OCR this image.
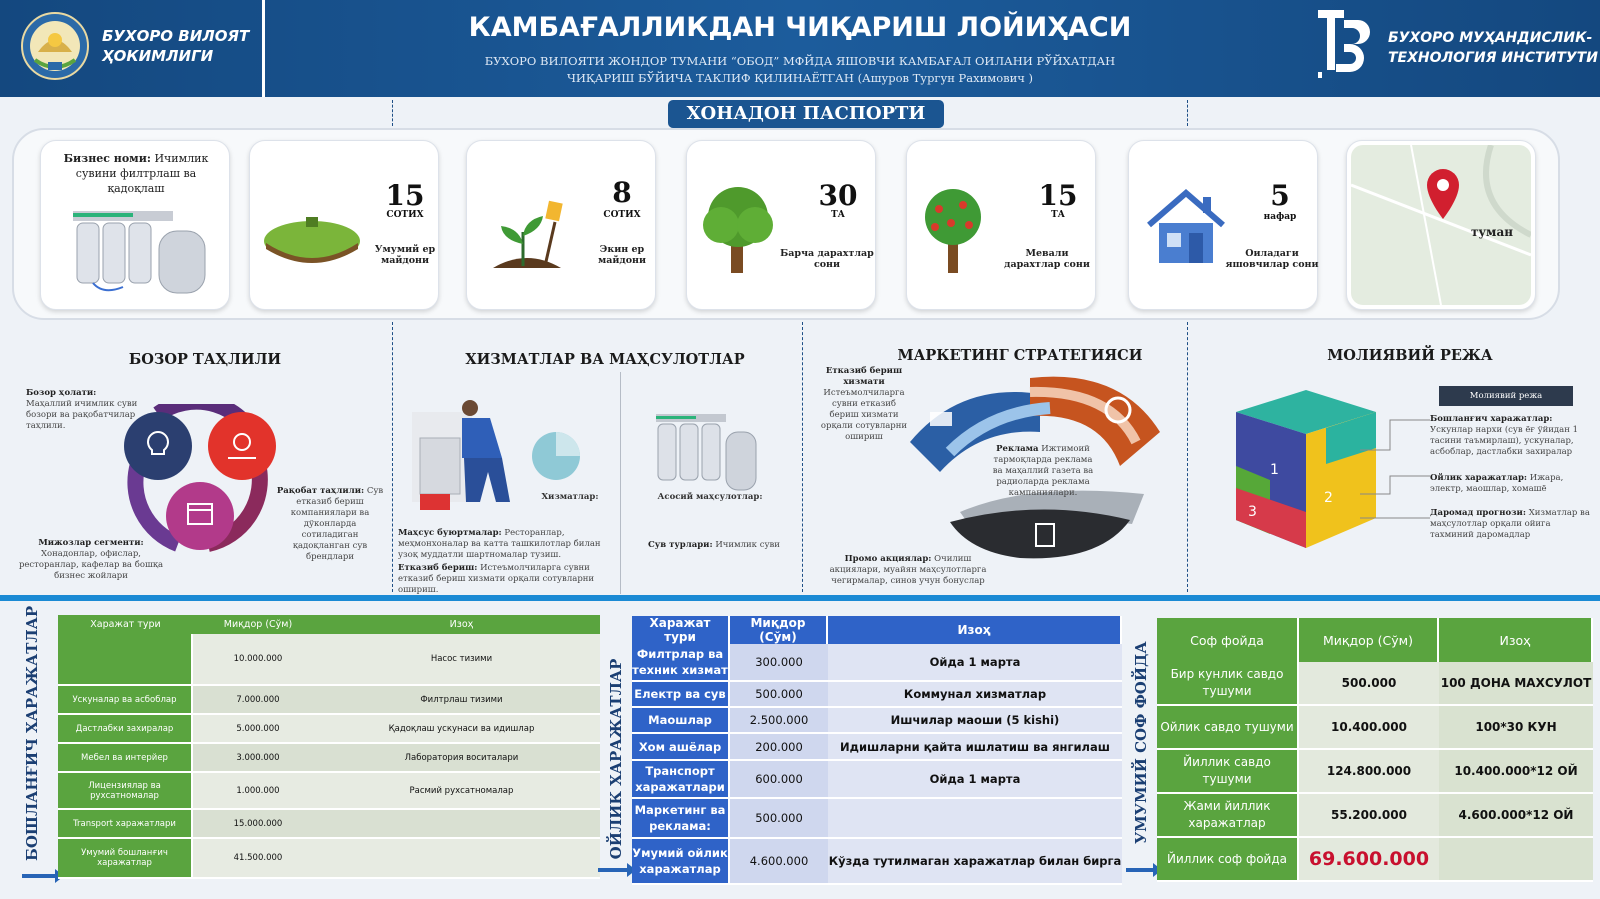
БУХОРО ВИЛОЯТ
ҲОКИМЛИГИ
КАМБАҒАЛЛИКДАН ЧИҚАРИШ ЛОЙИҲАСИ
БУХОРО ВИЛОЯТИ ЖОНДОР ТУМАНИ “ОБОД” МФЙДА ЯШОВЧИ КАМБАҒАЛ ОИЛАНИ РЎЙХАТДАН
ЧИҚАРИШ БЎЙИЧА ТАКЛИФ ҚИЛИНАЁТГАН (Ашуров Тургун Рахимович )
БУХОРО МУҲАНДИСЛИК-
ТЕХНОЛОГИЯ ИНСТИТУТИ
ХОНАДОН ПАСПОРТИ
Бизнес номи: Ичимлик сувини филтрлаш ва қадоқлаш	15
СОТИХ
Умумий ер майдони
8
СОТИХ
Экин ер майдони
30
ТА
Барча дарахтлар сони
15
ТА
Мевали дарахтлар сони
5
нафар
Оиладаги яшовчилар сони
туман
БОЗОР ТАҲЛИЛИ
Бозор ҳолати: Маҳаллий ичимлик суви бозори ва рақобатчилар таҳлили.
Рақобат таҳлили: Сув етказиб бериш компаниялари ва дўконларда сотиладиган қадоқланган сув брендлари
Мижозлар сегменти: Хонадонлар, офислар, ресторанлар, кафелар ва бошқа бизнес жойлари
ХИЗМАТЛАР ВА МАҲСУЛОТЛАР
Хизматлар:	Асосий маҳсулотлар:
Маҳсус буюртмалар: Ресторанлар, меҳмонхоналар ва катта ташкилотлар билан узоқ муддатли шартномалар тузиш.
Етказиб бериш: Истеъмолчиларга сувни етказиб бериш хизмати орқали сотувларни ошириш.
Сув турлари: Ичимлик суви
МАРКЕТИНГ СТРАТЕГИЯСИ
Етказиб бериш хизмати
Истеъмолчиларга сувни етказиб бериш хизмати орқали сотувларни ошириш
Реклама Ижтимоий тармоқларда реклама ва маҳаллий газета ва радиоларда реклама кампаниялари.
Промо акциялар: Очилиш акциялари, муайян маҳсулотларга чегирмалар, синов учун бонуслар
МОЛИЯВИЙ РЕЖА
Молиявий режа
1
2
3
Бошланғич харажатлар: Ускунлар нархи (сув ёғ ўйидан 1 тасини таъмирлаш), ускуналар, асбоблар, дастлабки захиралар
Ойлик харажатлар: Ижара, электр, маошлар, хомашё
Даромад прогнози: Хизматлар ва маҳсулотлар орқали ойига тахминий даромадлар
БОШЛАНҒИЧ ХАРАЖАТЛАР	Харажат тури	Миқдор (Сўм)	Изоҳ
	10.000.000	Насос тизими
Ускуналар ва асбоблар	7.000.000	Филтрлаш тизими
Дастлабки захиралар	5.000.000	Қадоқлаш ускунаси ва идишлар
Мебел ва интерйер	3.000.000	Лаборатория воситалари
Лицензиялар ва рухсатномалар	1.000.000	Расмий рухсатномалар
Transport харажатлари	15.000.000	
Умумий бошланғич харажатлар	41.500.000		ОЙЛИК ХАРАЖАТЛАР
Харажат тури	Миқдор (Сўм)	Изоҳ
Филтрлар ва техник хизмат	300.000	Ойда 1 марта
Електр ва сув	500.000	Коммунал хизматлар
Маошлар	2.500.000	Ишчилар маоши (5 kishi)
Хом ашёлар	200.000	Идишларни қайта ишлатиш ва янгилаш
Транспорт харажатлари	600.000	Ойда 1 марта
Маркетинг ва реклама:	500.000	
Умумий ойлик харажатлар	4.600.000	Кўзда тутилмаган харажатлар билан бирга
УМУМИЙ СОФ ФОЙДА
Соф фойда	Миқдор (Сўм)	Изоҳ
Бир кунлик савдо тушуми	500.000	100 ДОНА МАХСУЛОТ
Ойлик савдо тушуми	10.400.000	100*30 КУН
Йиллик савдо тушуми	124.800.000	10.400.000*12 ОЙ
Жами йиллик харажатлар	55.200.000	4.600.000*12 ОЙ
Йиллик соф фойда	69.600.000	
